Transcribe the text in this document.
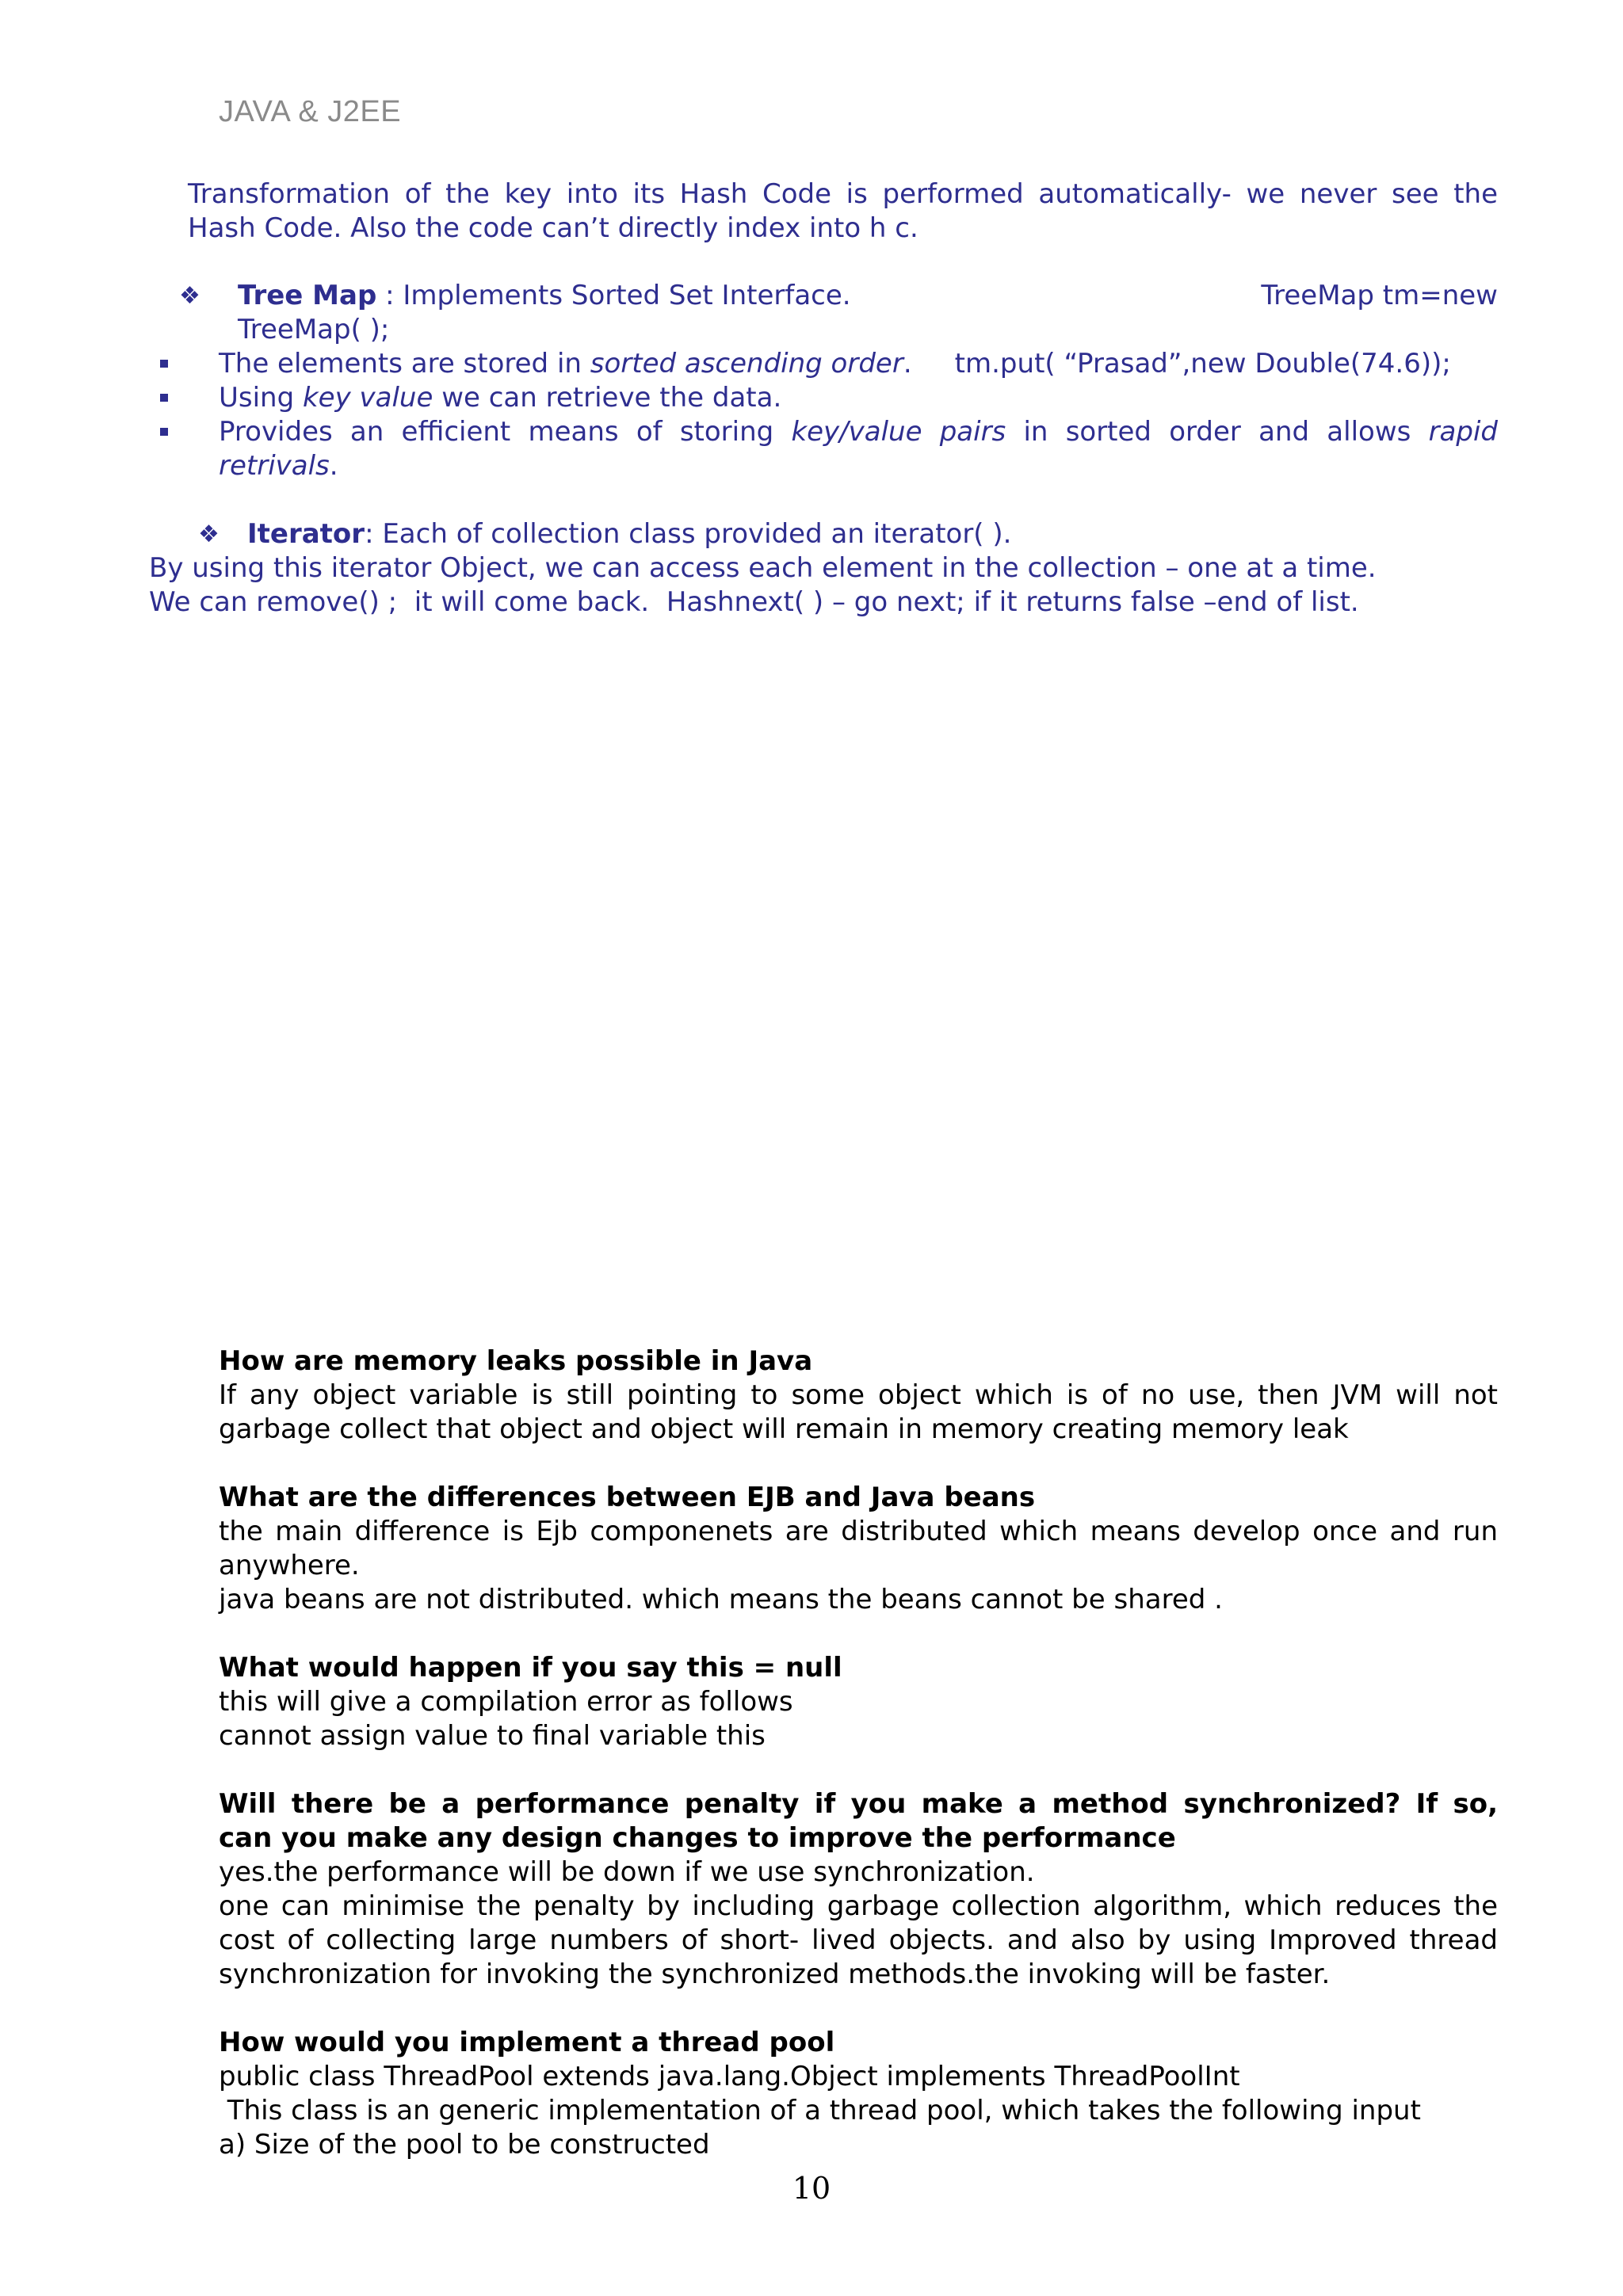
JAVA & J2EE
Transformation of the key into its Hash Code is performed automatically- we never see the
Hash Code. Also the code can’t directly index into h c.
❖ Tree Map : Implements Sorted Set Interface.	TreeMap tm=new
TreeMap( );
The elements are stored in sorted ascending order.     tm.put( “Prasad”,new Double(74.6));
Using key value we can retrieve the data.
Provides an efficient means of storing key/value pairs in sorted order and allows rapid
retrivals.
❖ Iterator: Each of collection class provided an iterator( ).
By using this iterator Object, we can access each element in the collection – one at a time.
We can remove() ;  it will come back.  Hashnext( ) – go next; if it returns false –end of list.
How are memory leaks possible in Java
If any object variable is still pointing to some object which is of no use, then JVM will not
garbage collect that object and object will remain in memory creating memory leak
What are the differences between EJB and Java beans
the main difference is Ejb componenets are distributed which means develop once and run
anywhere.
java beans are not distributed. which means the beans cannot be shared .
What would happen if you say this = null
this will give a compilation error as follows
cannot assign value to final variable this
Will there be a performance penalty if you make a method synchronized? If so,
can you make any design changes to improve the performance
yes.the performance will be down if we use synchronization.
one can minimise the penalty by including garbage collection algorithm, which reduces the
cost of collecting large numbers of short- lived objects. and also by using Improved thread
synchronization for invoking the synchronized methods.the invoking will be faster.
How would you implement a thread pool
public class ThreadPool extends java.lang.Object implements ThreadPoolInt
This class is an generic implementation of a thread pool, which takes the following input
a) Size of the pool to be constructed
10
